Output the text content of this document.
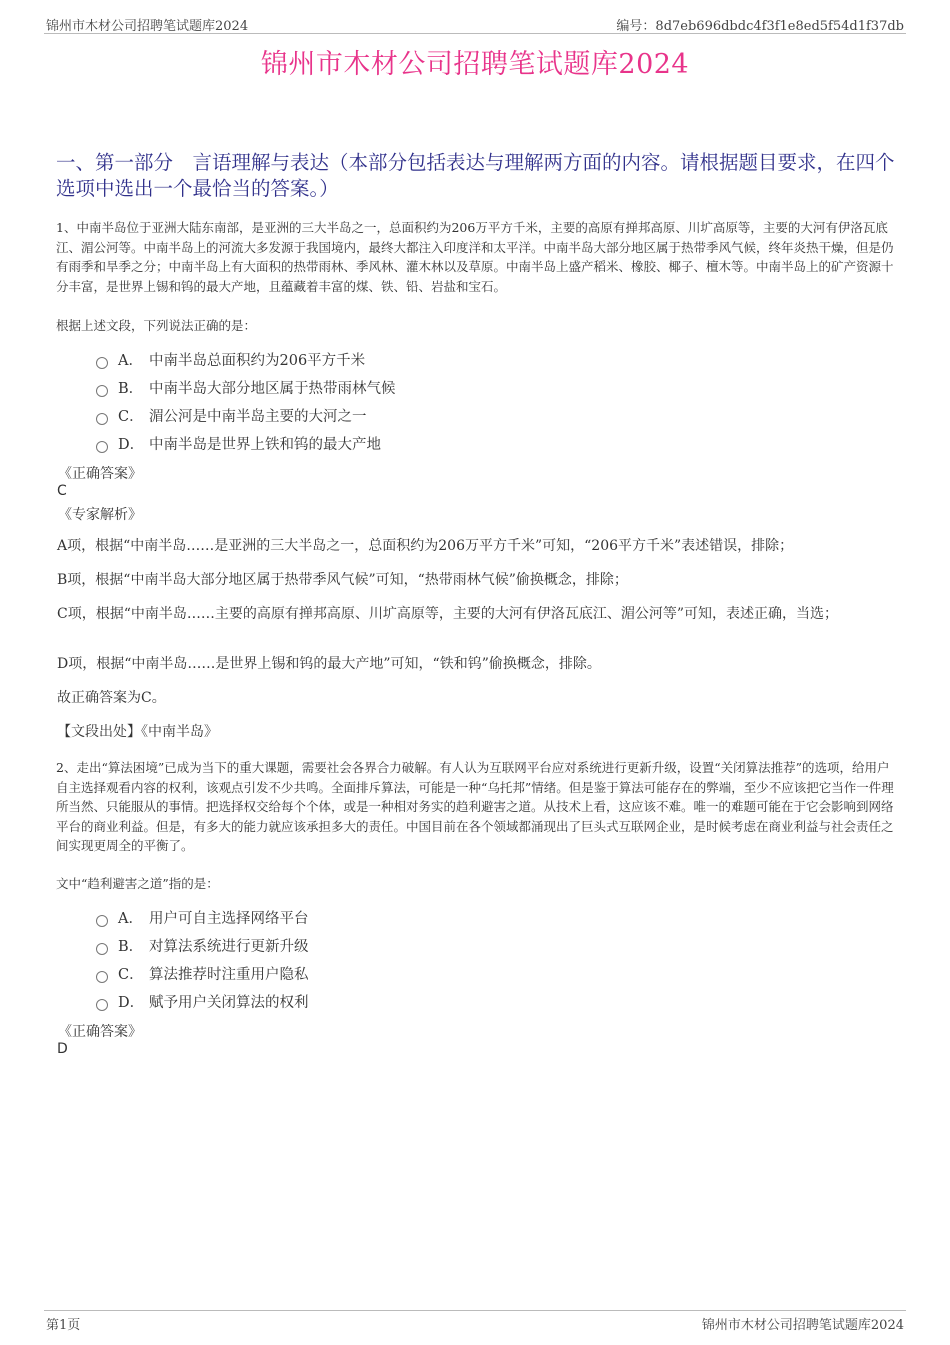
锦州市木材公司招聘笔试题库2024	编号：8d7eb696dbdc4f3f1e8ed5f54d1f37db
锦州市木材公司招聘笔试题库2024
一、第一部分　言语理解与表达（本部分包括表达与理解两方面的内容。请根据题目要求，在四个选项中选出一个最恰当的答案。）
1、中南半岛位于亚洲大陆东南部，是亚洲的三大半岛之一，总面积约为206万平方千米，主要的高原有掸邦高原、川圹高原等，主要的大河有伊洛瓦底江、湄公河等。中南半岛上的河流大多发源于我国境内，最终大都注入印度洋和太平洋。中南半岛大部分地区属于热带季风气候，终年炎热干燥，但是仍有雨季和旱季之分；中南半岛上有大面积的热带雨林、季风林、灌木林以及草原。中南半岛上盛产稻米、橡胶、椰子、檀木等。中南半岛上的矿产资源十分丰富，是世界上锡和钨的最大产地，且蕴藏着丰富的煤、铁、铅、岩盐和宝石。
根据上述文段，下列说法正确的是：
A． 中南半岛总面积约为206平方千米
B． 中南半岛大部分地区属于热带雨林气候
C． 湄公河是中南半岛主要的大河之一
D． 中南半岛是世界上铁和钨的最大产地
《正确答案》
C
《专家解析》
A项，根据“中南半岛……是亚洲的三大半岛之一，总面积约为206万平方千米”可知，“206平方千米”表述错误，排除；
B项，根据“中南半岛大部分地区属于热带季风气候”可知，“热带雨林气候”偷换概念，排除；
C项，根据“中南半岛……主要的高原有掸邦高原、川圹高原等，主要的大河有伊洛瓦底江、湄公河等”可知，表述正确，当选；
D项，根据“中南半岛……是世界上锡和钨的最大产地”可知，“铁和钨”偷换概念，排除。
故正确答案为C。
【文段出处】《中南半岛》
2、走出“算法困境”已成为当下的重大课题，需要社会各界合力破解。有人认为互联网平台应对系统进行更新升级，设置“关闭算法推荐”的选项，给用户自主选择观看内容的权利，该观点引发不少共鸣。全面排斥算法，可能是一种“乌托邦”情绪。但是鉴于算法可能存在的弊端，至少不应该把它当作一件理所当然、只能服从的事情。把选择权交给每个个体，或是一种相对务实的趋利避害之道。从技术上看，这应该不难。唯一的难题可能在于它会影响到网络平台的商业利益。但是，有多大的能力就应该承担多大的责任。中国目前在各个领域都涌现出了巨头式互联网企业，是时候考虑在商业利益与社会责任之间实现更周全的平衡了。
文中“趋利避害之道”指的是：
A． 用户可自主选择网络平台
B． 对算法系统进行更新升级
C． 算法推荐时注重用户隐私
D． 赋予用户关闭算法的权利
《正确答案》
D
第1页	锦州市木材公司招聘笔试题库2024
